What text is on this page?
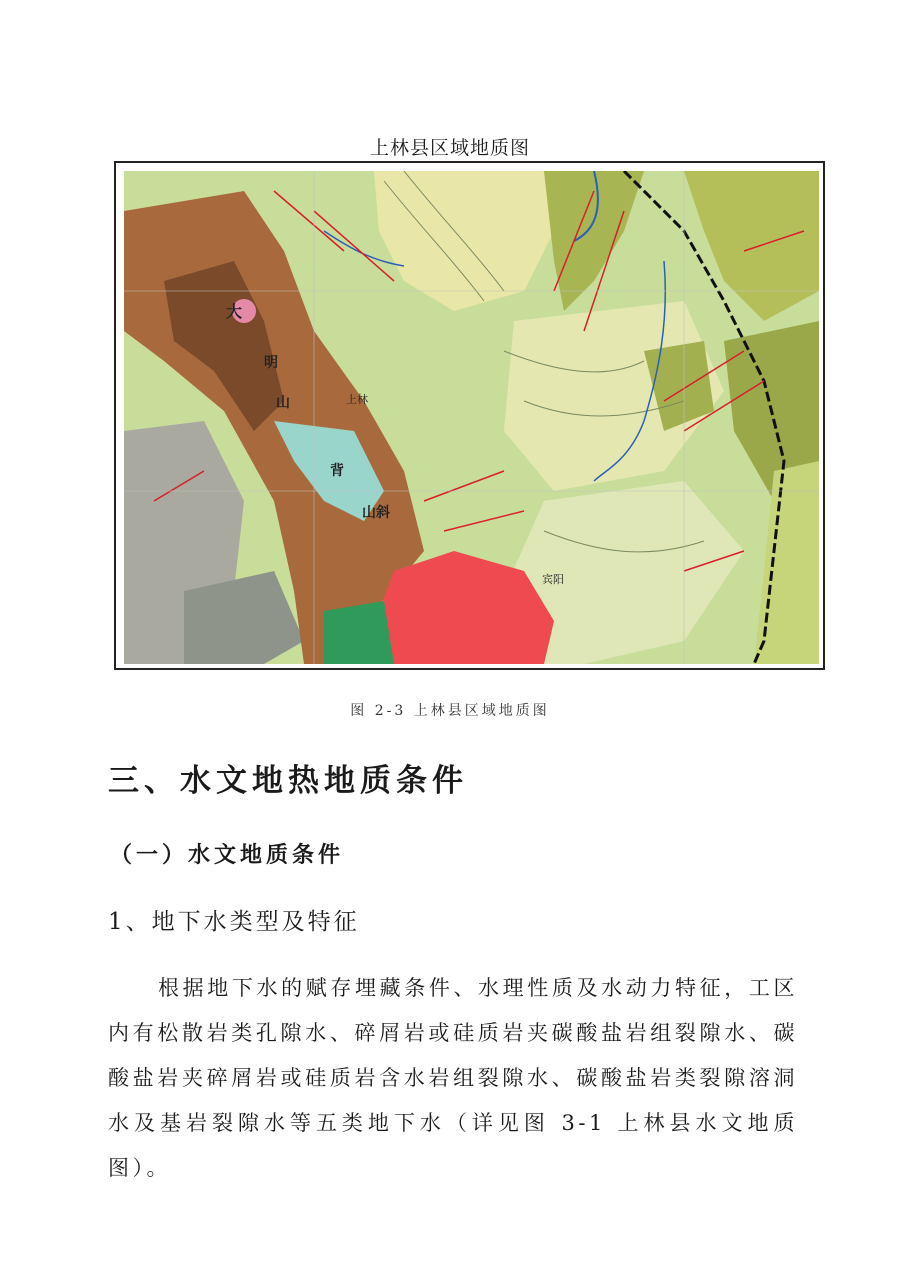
上林县区域地质图
上林
宾阳
大
明
山
背
山斜
图 2-3 上林县区域地质图
三、水文地热地质条件
（一）水文地质条件
1、地下水类型及特征

根据地下水的赋存埋藏条件、水理性质及水动力特征，工区内有松散岩类孔隙水、碎屑岩或硅质岩夹碳酸盐岩组裂隙水、碳酸盐岩夹碎屑岩或硅质岩含水岩组裂隙水、碳酸盐岩类裂隙溶洞水及基岩裂隙水等五类地下水（详见图 3-1 上林县水文地质图）。
